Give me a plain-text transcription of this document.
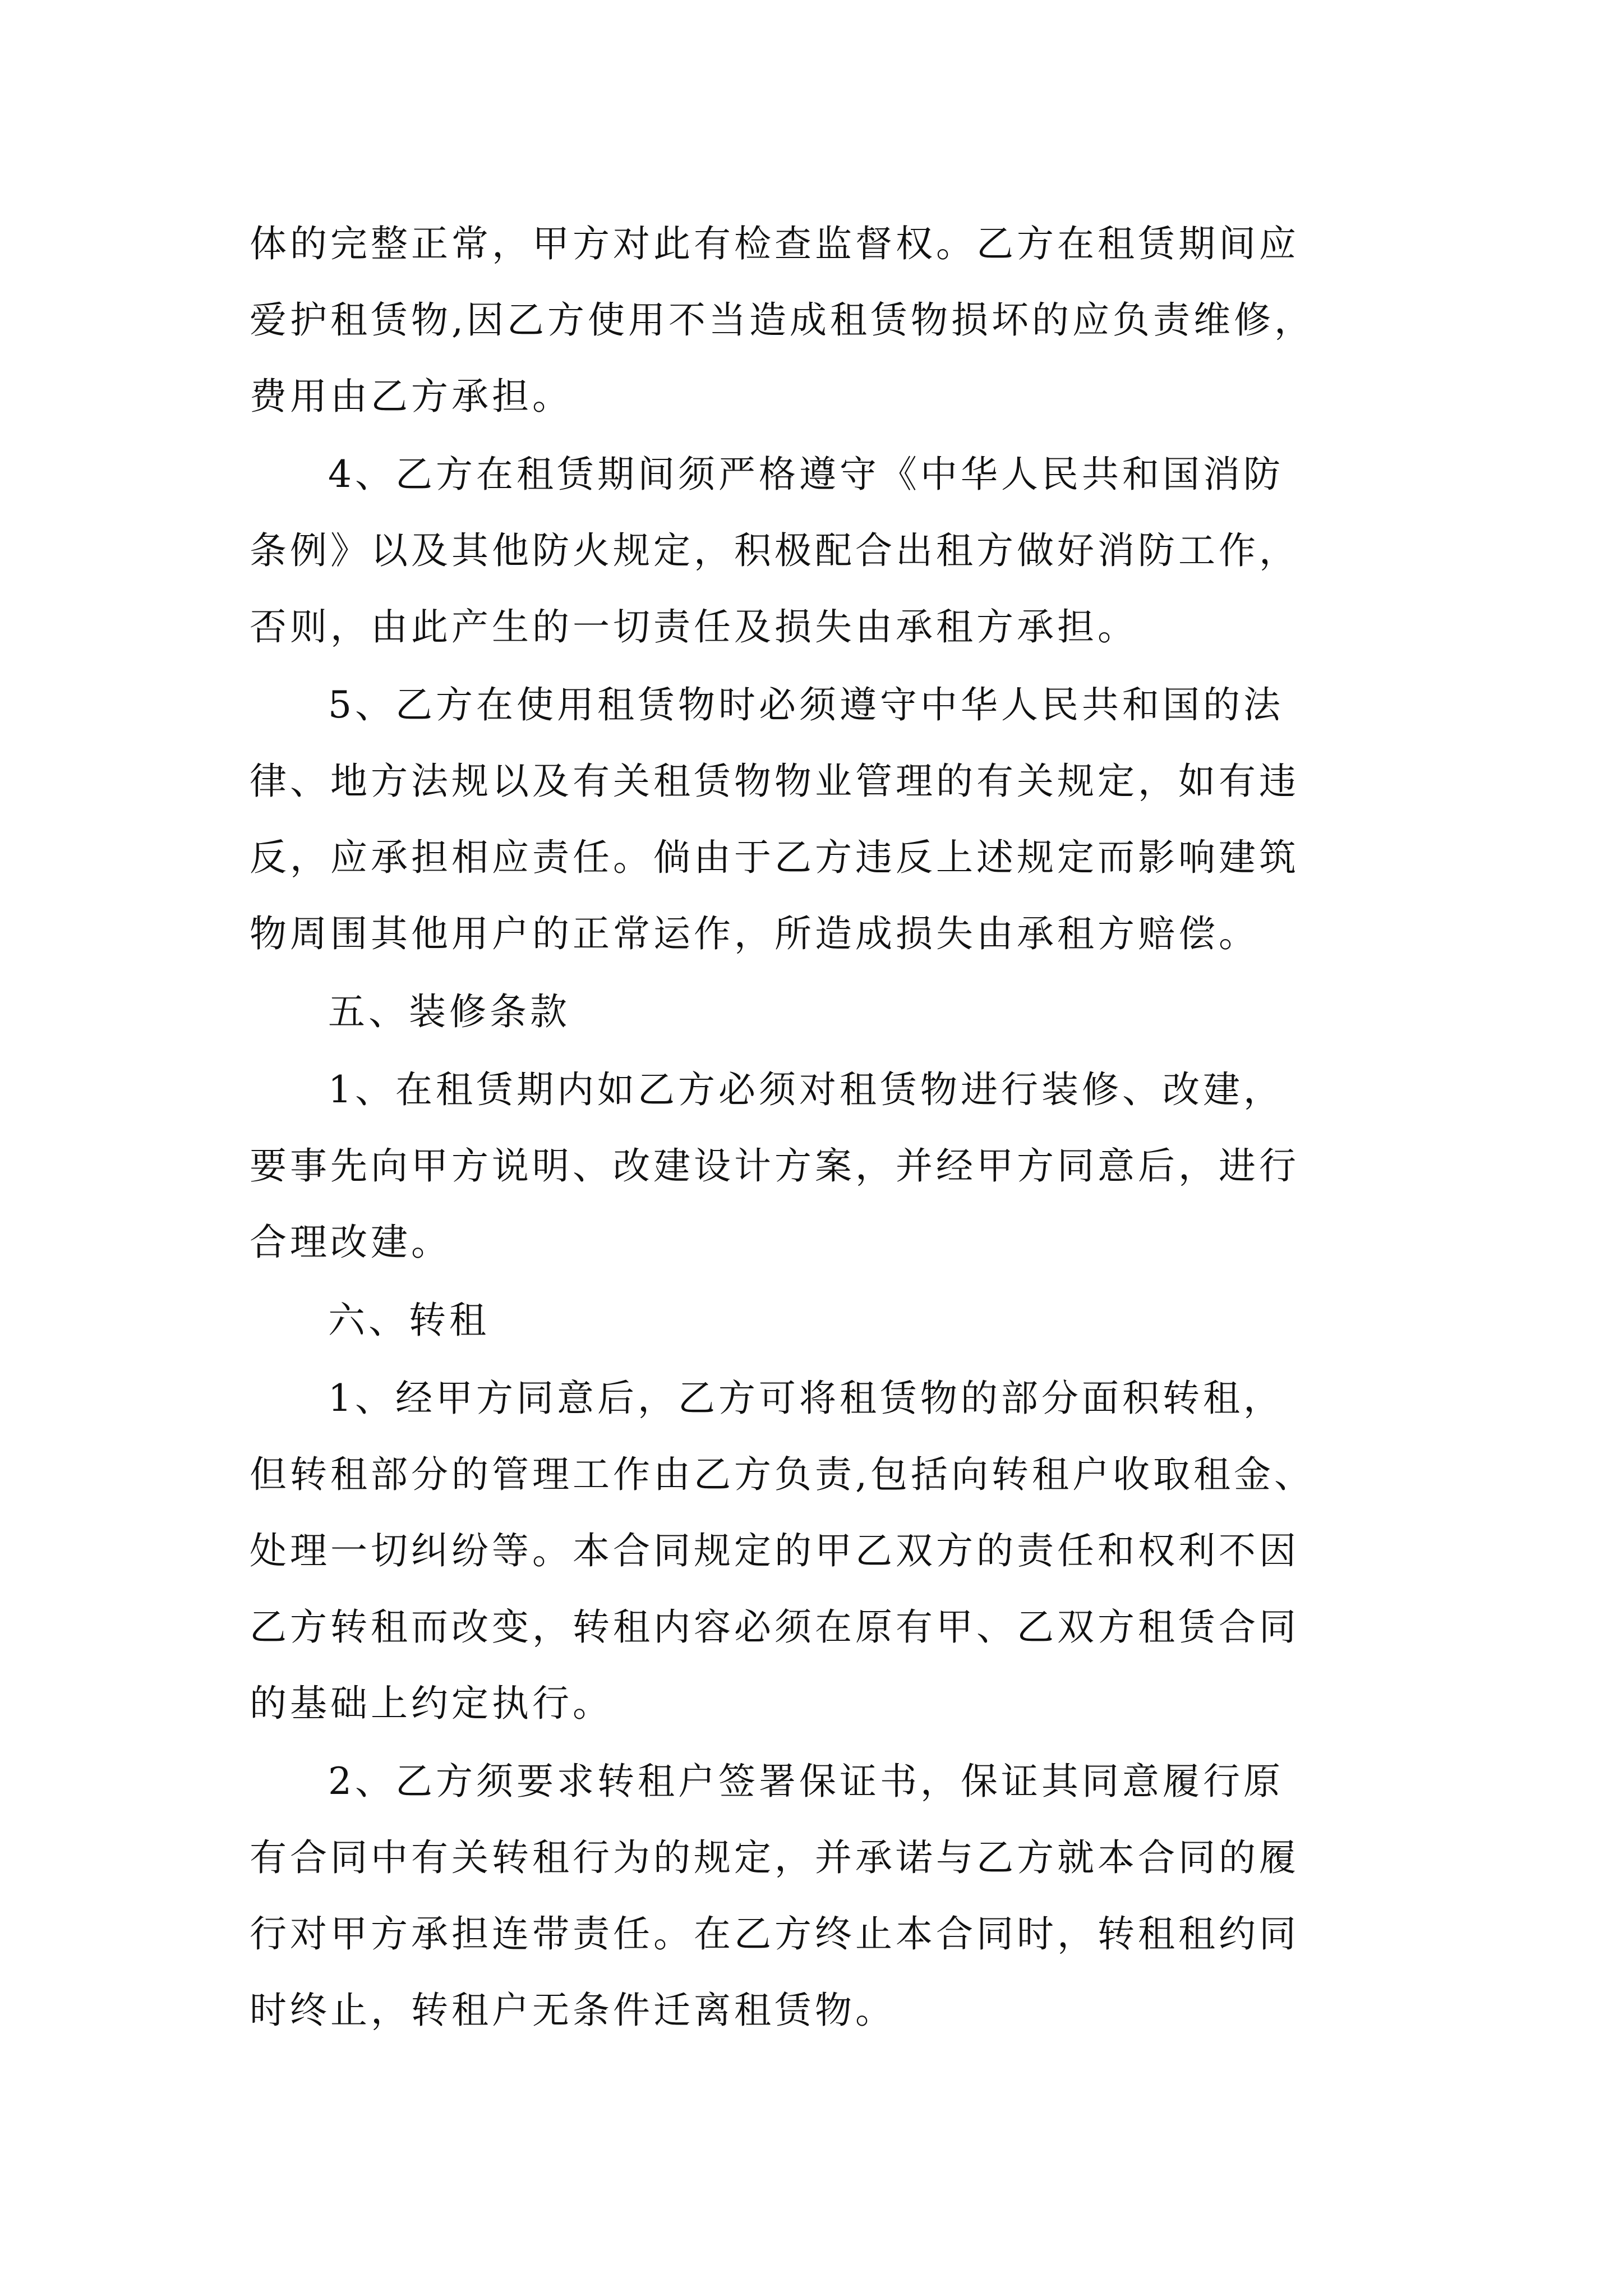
体的完整正常，甲方对此有检查监督权。乙方在租赁期间应
爱护租赁物,因乙方使用不当造成租赁物损坏的应负责维修，
费用由乙方承担。
4、乙方在租赁期间须严格遵守《中华人民共和国消防
条例》以及其他防火规定，积极配合出租方做好消防工作，
否则，由此产生的一切责任及损失由承租方承担。
5、乙方在使用租赁物时必须遵守中华人民共和国的法
律、地方法规以及有关租赁物物业管理的有关规定，如有违
反，应承担相应责任。倘由于乙方违反上述规定而影响建筑
物周围其他用户的正常运作，所造成损失由承租方赔偿。
五、装修条款
1、在租赁期内如乙方必须对租赁物进行装修、改建，
要事先向甲方说明、改建设计方案，并经甲方同意后，进行
合理改建。
六、转租
1、经甲方同意后，乙方可将租赁物的部分面积转租，
但转租部分的管理工作由乙方负责,包括向转租户收取租金、
处理一切纠纷等。本合同规定的甲乙双方的责任和权利不因
乙方转租而改变，转租内容必须在原有甲、乙双方租赁合同
的基础上约定执行。
2、乙方须要求转租户签署保证书，保证其同意履行原
有合同中有关转租行为的规定，并承诺与乙方就本合同的履
行对甲方承担连带责任。在乙方终止本合同时，转租租约同
时终止，转租户无条件迁离租赁物。
